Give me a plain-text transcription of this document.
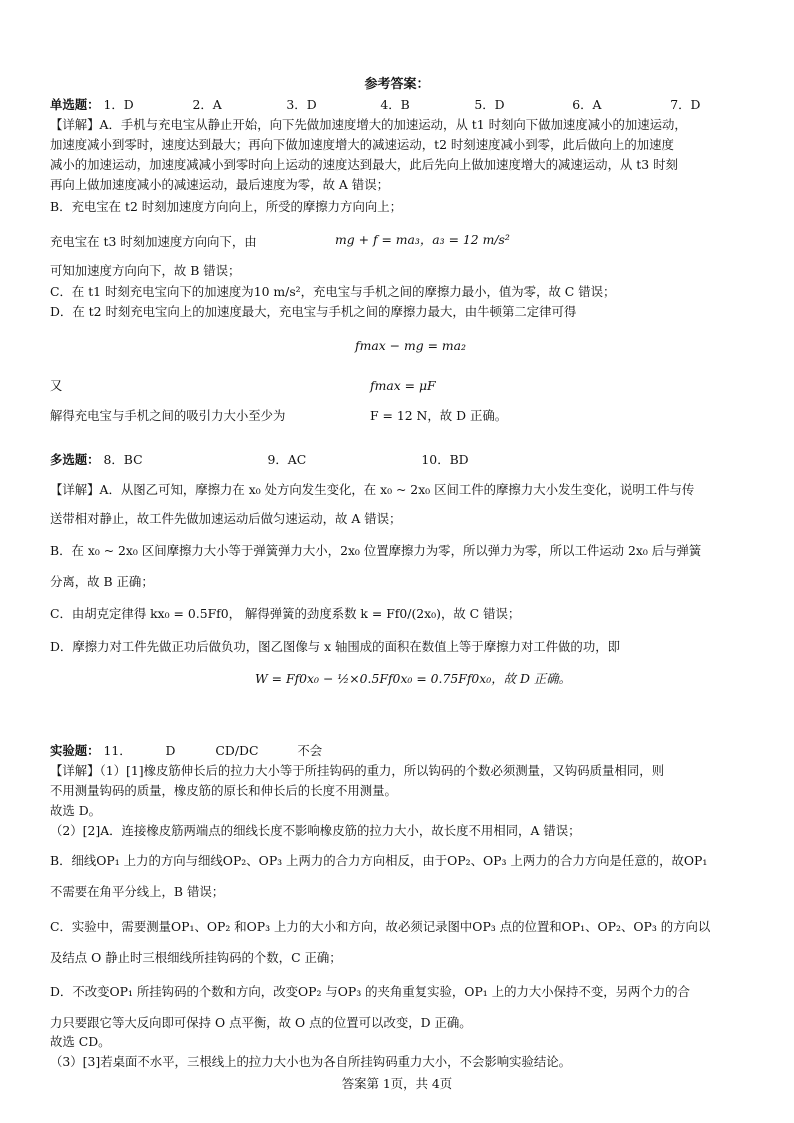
参考答案：
单选题： 1．D	2．A	3．D	4．B	5．D	6．A	7．D
【详解】A．手机与充电宝从静止开始，向下先做加速度增大的加速运动，从 t1 时刻向下做加速度减小的加速运动，
加速度减小到零时，速度达到最大；再向下做加速度增大的减速运动，t2 时刻速度减小到零，此后做向上的加速度
减小的加速运动，加速度减减小到零时向上运动的速度达到最大，此后先向上做加速度增大的减速运动，从 t3 时刻
再向上做加速度减小的减速运动，最后速度为零，故 A 错误；
B．充电宝在 t2 时刻加速度方向向上，所受的摩擦力方向向上；
充电宝在 t3 时刻加速度方向向下，由	mg + f = ma₃，a₃ = 12 m/s²
可知加速度方向向下，故 B 错误；
C．在 t1 时刻充电宝向下的加速度为10 m/s²，充电宝与手机之间的摩擦力最小，值为零，故 C 错误；
D．在 t2 时刻充电宝向上的加速度最大，充电宝与手机之间的摩擦力最大，由牛顿第二定律可得
fmax − mg = ma₂
又	fmax = μF
解得充电宝与手机之间的吸引力大小至少为	F = 12 N，故 D 正确。
多选题： 8．BC	9．AC	10．BD
【详解】A．从图乙可知，摩擦力在 x₀ 处方向发生变化，在 x₀ ~ 2x₀ 区间工件的摩擦力大小发生变化，说明工件与传
送带相对静止，故工件先做加速运动后做匀速运动，故 A 错误；
B．在 x₀ ~ 2x₀ 区间摩擦力大小等于弹簧弹力大小，2x₀ 位置摩擦力为零，所以弹力为零，所以工件运动 2x₀ 后与弹簧
分离，故 B 正确；
C．由胡克定律得 kx₀ = 0.5Ff0， 解得弹簧的劲度系数 k = Ff0/(2x₀)，故 C 错误；
D．摩擦力对工件先做正功后做负功，图乙图像与 x 轴围成的面积在数值上等于摩擦力对工件做的功，即
W = Ff0x₀ − ½×0.5Ff0x₀ = 0.75Ff0x₀，故 D 正确。
实验题： 11．	D	CD/DC	不会
【详解】（1）[1]橡皮筋伸长后的拉力大小等于所挂钩码的重力，所以钩码的个数必须测量，又钩码质量相同，则
不用测量钩码的质量，橡皮筋的原长和伸长后的长度不用测量。
故选 D。
（2）[2]A．连接橡皮筋两端点的细线长度不影响橡皮筋的拉力大小，故长度不用相同，A 错误；
B．细线OP₁ 上力的方向与细线OP₂、OP₃ 上两力的合力方向相反，由于OP₂、OP₃ 上两力的合力方向是任意的，故OP₁
不需要在角平分线上，B 错误；
C．实验中，需要测量OP₁、OP₂ 和OP₃ 上力的大小和方向，故必须记录图中OP₃ 点的位置和OP₁、OP₂、OP₃ 的方向以
及结点 O 静止时三根细线所挂钩码的个数，C 正确；
D．不改变OP₁ 所挂钩码的个数和方向，改变OP₂ 与OP₃ 的夹角重复实验，OP₁ 上的力大小保持不变，另两个力的合
力只要跟它等大反向即可保持 O 点平衡，故 O 点的位置可以改变，D 正确。
故选 CD。
（3）[3]若桌面不水平，三根线上的拉力大小也为各自所挂钩码重力大小，不会影响实验结论。
答案第 1页，共 4页
